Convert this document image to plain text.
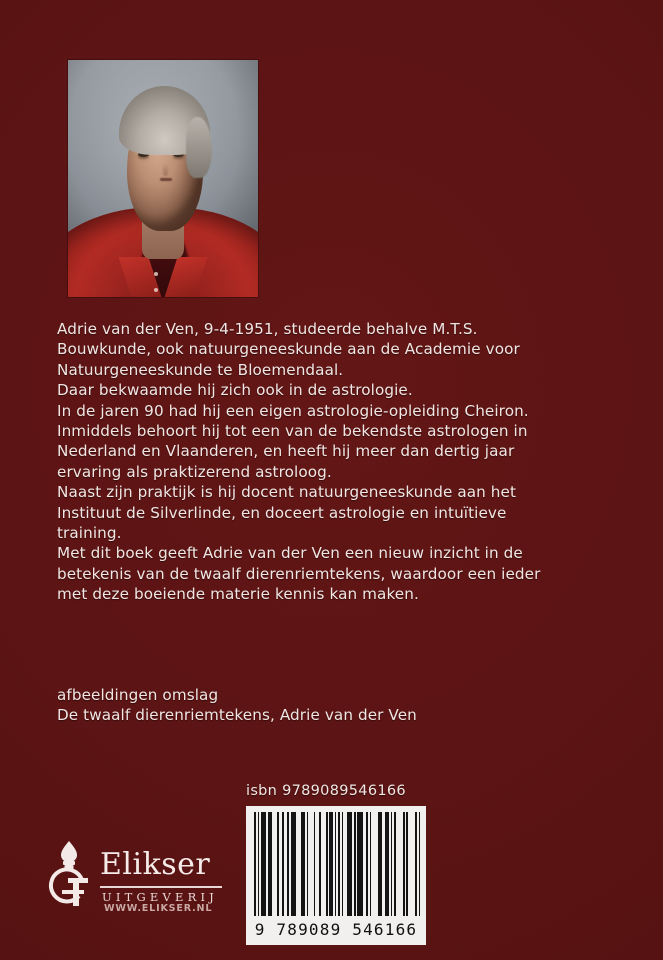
Adrie van der Ven, 9-4-1951, studeerde behalve M.T.S.

Bouwkunde, ook natuurgeneeskunde aan de Academie voor

Natuurgeneeskunde te Bloemendaal.

Daar bekwaamde hij zich ook in de astrologie.

In de jaren 90 had hij een eigen astrologie-opleiding Cheiron.

Inmiddels behoort hij tot een van de bekendste astrologen in

Nederland en Vlaanderen, en heeft hij meer dan dertig jaar

ervaring als praktizerend astroloog.

Naast zijn praktijk is hij docent natuurgeneeskunde aan het

Instituut de Silverlinde, en doceert astrologie en intuïtieve

training.

Met dit boek geeft Adrie van der Ven een nieuw inzicht in de

betekenis van de twaalf dierenriemtekens, waardoor een ieder

met deze boeiende materie kennis kan maken.

afbeeldingen omslag

De twaalf dierenriemtekens, Adrie van der Ven

isbn 9789089546166
9 789089 546166
Elikser
UITGEVERIJ
WWW.ELIKSER.NL
